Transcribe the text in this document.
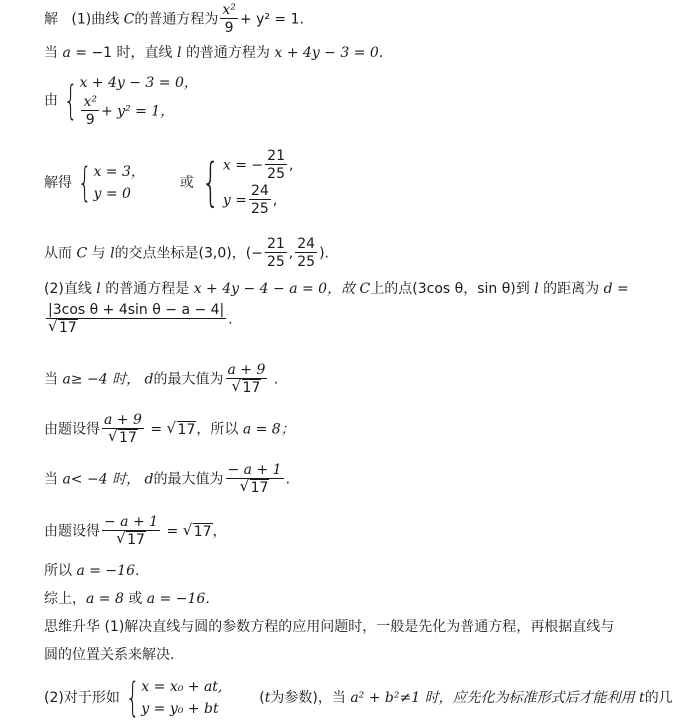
解 (1)曲线 C的普通方程为 $\frac{\text{x²}}{9} + y^2 = 1$.
当 a = −1 时，直线 l 的普通方程为 x + 4y − 3 = 0.
由 { x + 4y − 3 = 0，
$\frac{\text{x²}}{9} + y^2 = 1$，
解得 { x = 3，
y = 0
或 { x = − $\frac{21}{25}$ ,
$y = \frac{24}{25}$ ,
从而 C 与 l的交点坐标是(3,0)，(− $\frac{21}{25}$ , $\frac{24}{25}$ ).
(2)直线 l 的普通方程是 x + 4y − 4 − a = 0，故 C上的点(3cos θ，sin θ)到 l 的距离为 d =
|3cos θ + 4sin θ − a − 4|
√ 17 .
当 a≥ −4 时， d的最大值为 a + 9
√ 17 .
由题设得 a + 9
√ 17 = √ 17，所以 a = 8；
当 a< −4 时， d的最大值为 − a + 1
√ 17 .
由题设得 − a + 1
√ 17 = √ 17，
所以 a = −16.
综上，a = 8 或 a = −16.
思维升华 (1)解决直线与圆的参数方程的应用问题时，一般是先化为普通方程，再根据直线与
圆的位置关系来解决.
(2)对于形如 { x = x₀ + at,
y = y₀ + bt
(t为参数)，当 a² + b²≠1 时，应先化为标准形式后才能利用 t的几
